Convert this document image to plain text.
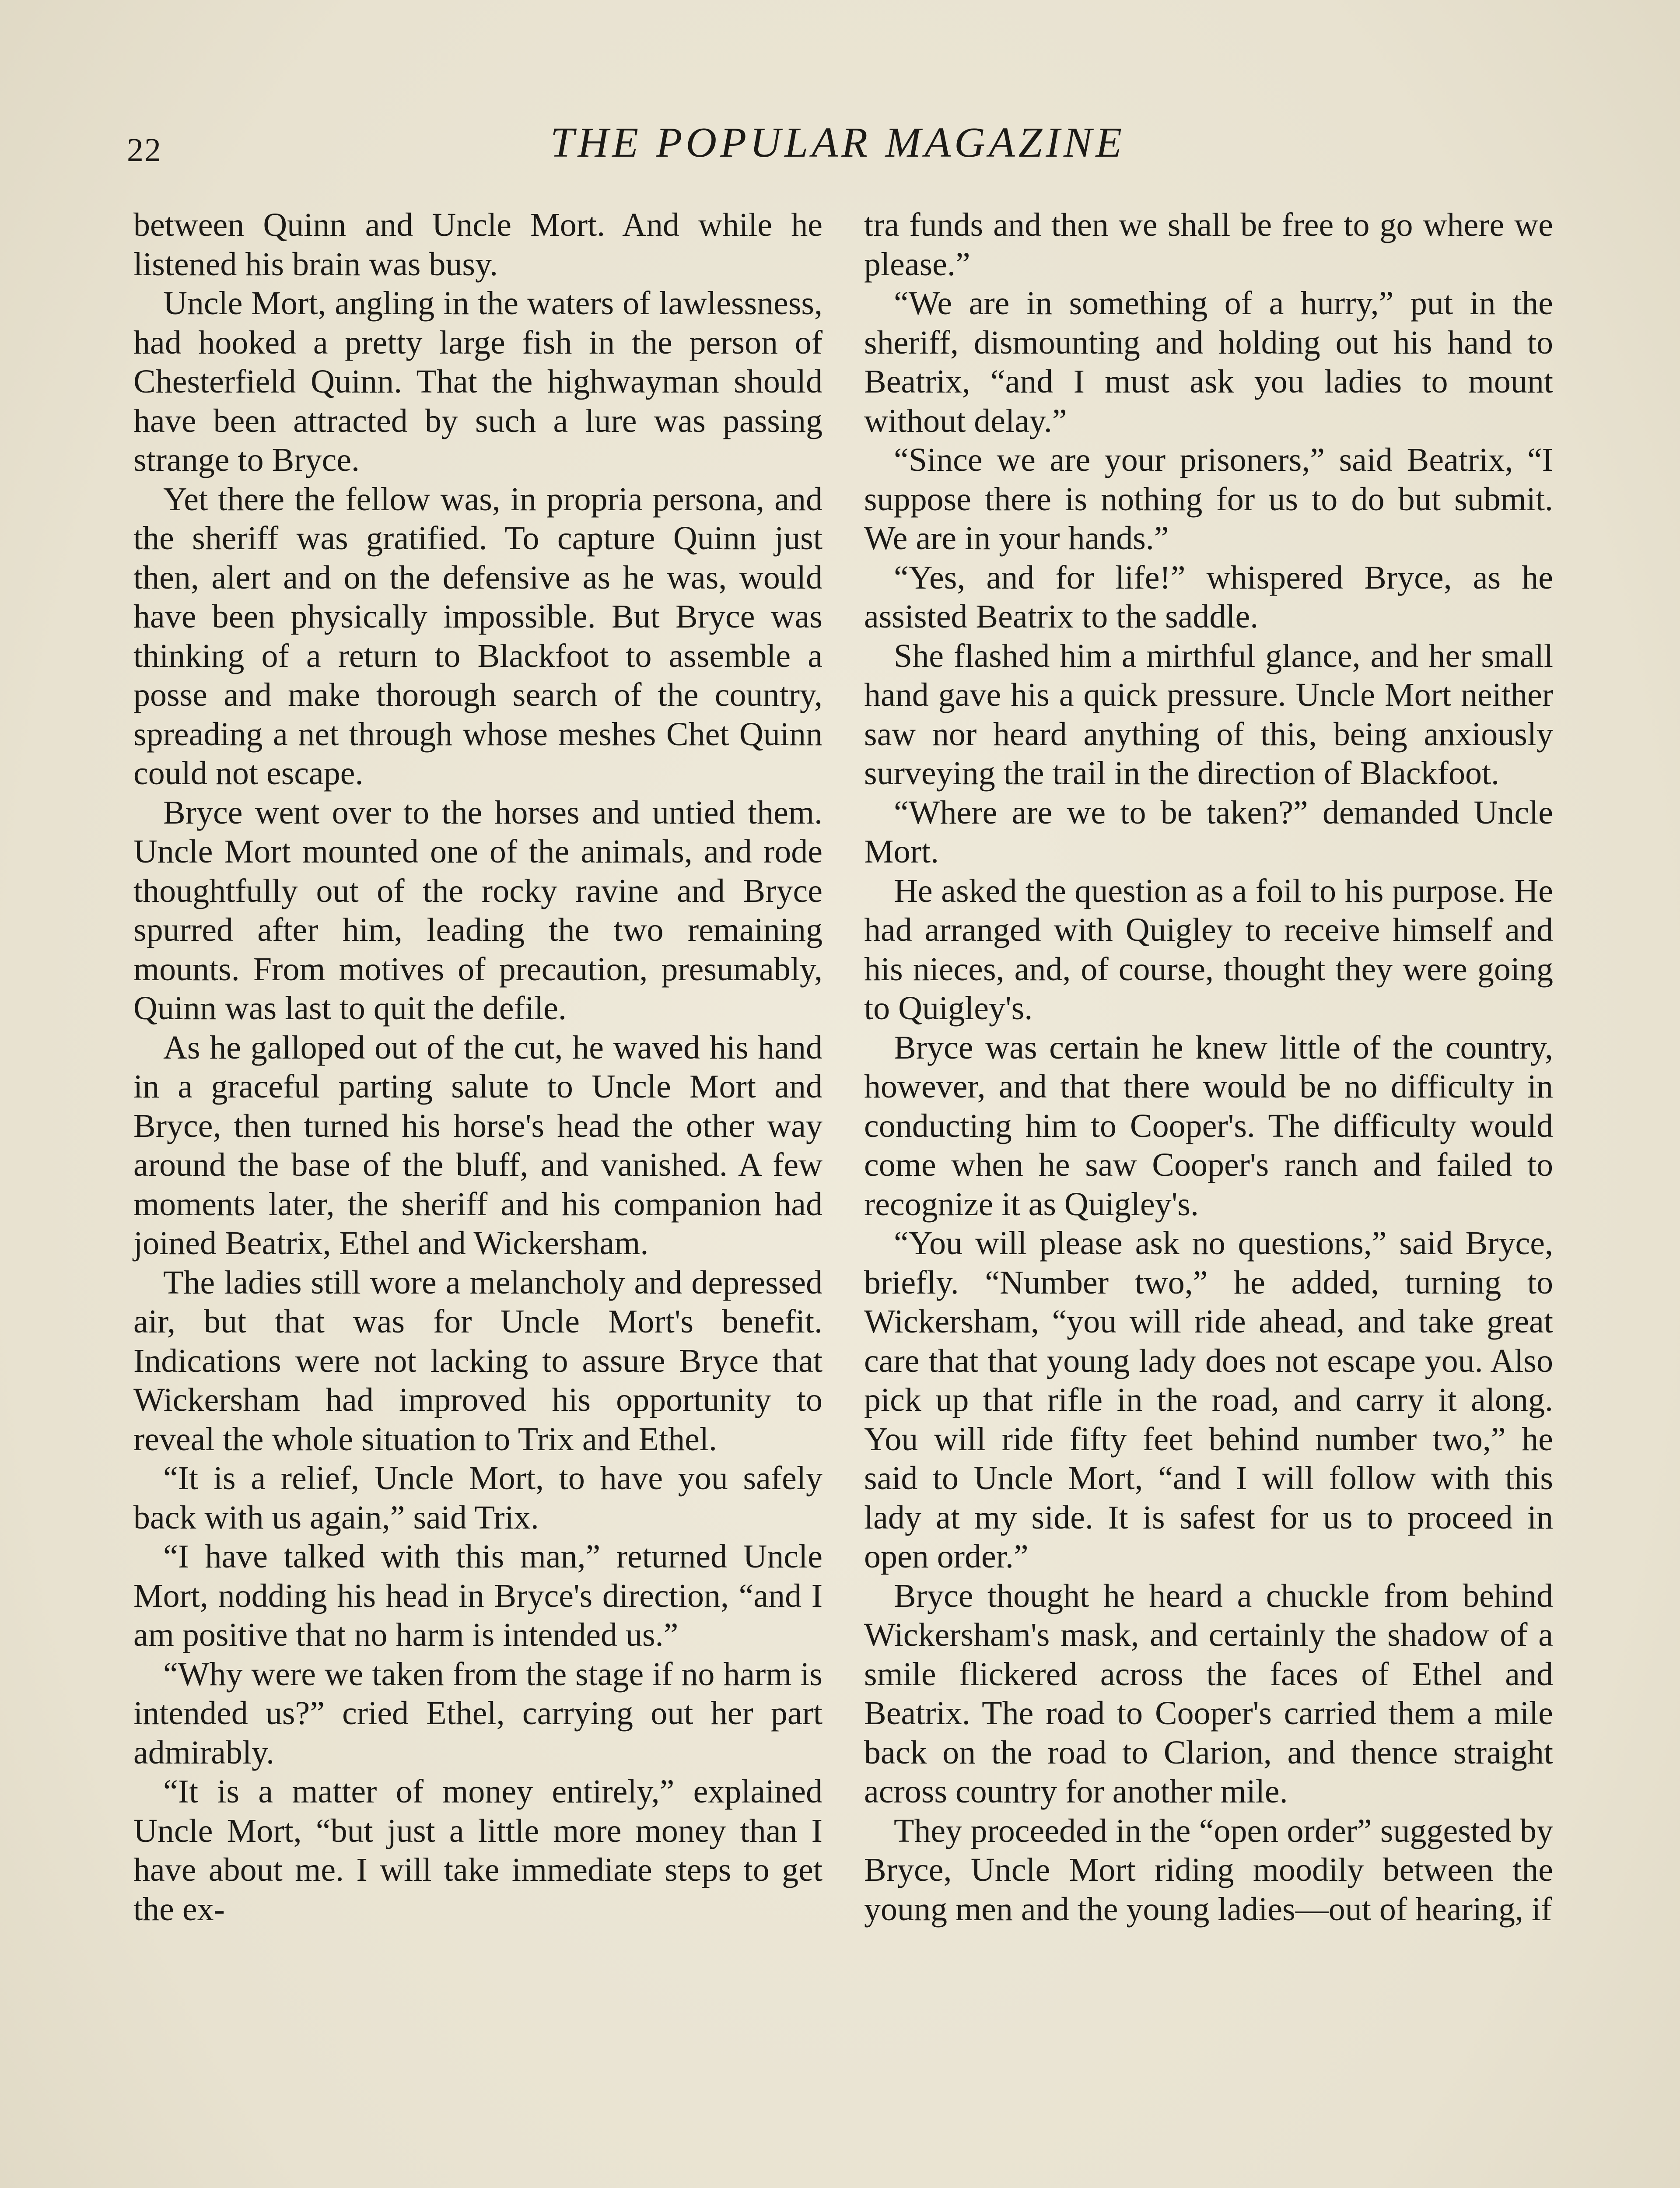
22	THE POPULAR MAGAZINE

between Quinn and Uncle Mort. And while he listened his brain was busy.

Uncle Mort, angling in the waters of lawlessness, had hooked a pretty large fish in the person of Chesterfield Quinn. That the highwayman should have been attracted by such a lure was passing strange to Bryce.

Yet there the fellow was, in propria persona, and the sheriff was gratified. To capture Quinn just then, alert and on the defensive as he was, would have been physically impossible. But Bryce was thinking of a return to Blackfoot to assemble a posse and make thorough search of the country, spreading a net through whose meshes Chet Quinn could not escape.

Bryce went over to the horses and untied them. Uncle Mort mounted one of the animals, and rode thoughtfully out of the rocky ravine and Bryce spurred after him, leading the two remaining mounts. From motives of precaution, presumably, Quinn was last to quit the defile.

As he galloped out of the cut, he waved his hand in a graceful parting salute to Uncle Mort and Bryce, then turned his horse's head the other way around the base of the bluff, and vanished. A few moments later, the sheriff and his companion had joined Beatrix, Ethel and Wickersham.

The ladies still wore a melancholy and depressed air, but that was for Uncle Mort's benefit. Indications were not lacking to assure Bryce that Wickersham had improved his opportunity to reveal the whole situation to Trix and Ethel.

“It is a relief, Uncle Mort, to have you safely back with us again,” said Trix.

“I have talked with this man,” returned Uncle Mort, nodding his head in Bryce's direction, “and I am positive that no harm is intended us.”

“Why were we taken from the stage if no harm is intended us?” cried Ethel, carrying out her part admirably.

“It is a matter of money entirely,” explained Uncle Mort, “but just a little more money than I have about me. I will take immediate steps to get the ex-

tra funds and then we shall be free to go where we please.”

“We are in something of a hurry,” put in the sheriff, dismounting and holding out his hand to Beatrix, “and I must ask you ladies to mount without delay.”

“Since we are your prisoners,” said Beatrix, “I suppose there is nothing for us to do but submit. We are in your hands.”

“Yes, and for life!” whispered Bryce, as he assisted Beatrix to the saddle.

She flashed him a mirthful glance, and her small hand gave his a quick pressure. Uncle Mort neither saw nor heard anything of this, being anxiously surveying the trail in the direction of Blackfoot.

“Where are we to be taken?” demanded Uncle Mort.

He asked the question as a foil to his purpose. He had arranged with Quigley to receive himself and his nieces, and, of course, thought they were going to Quigley's.

Bryce was certain he knew little of the country, however, and that there would be no difficulty in conducting him to Cooper's. The difficulty would come when he saw Cooper's ranch and failed to recognize it as Quigley's.

“You will please ask no questions,” said Bryce, briefly. “Number two,” he added, turning to Wickersham, “you will ride ahead, and take great care that that young lady does not escape you. Also pick up that rifle in the road, and carry it along. You will ride fifty feet behind number two,” he said to Uncle Mort, “and I will follow with this lady at my side. It is safest for us to proceed in open order.”

Bryce thought he heard a chuckle from behind Wickersham's mask, and certainly the shadow of a smile flickered across the faces of Ethel and Beatrix. The road to Cooper's carried them a mile back on the road to Clarion, and thence straight across country for another mile.

They proceeded in the “open order” suggested by Bryce, Uncle Mort riding moodily between the young men and the young ladies—out of hearing, if
